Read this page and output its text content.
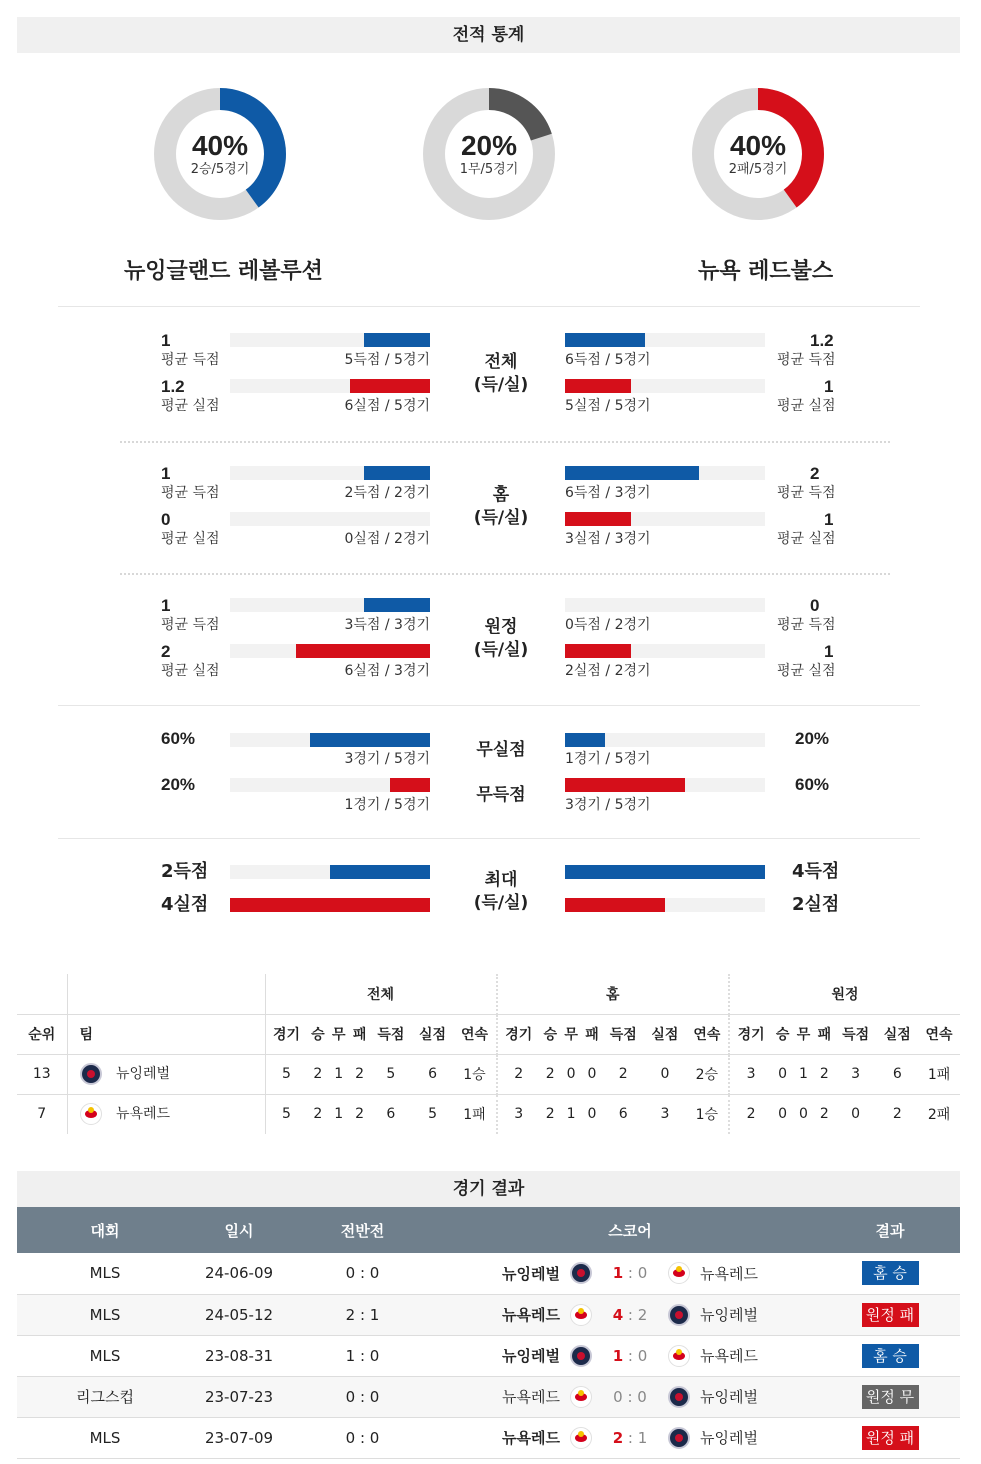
전적 통계
40%
2승/5경기
20%
1무/5경기
40%
2패/5경기
뉴잉글랜드 레볼루션	뉴욕 레드불스
1
평균 득점	5득점 / 5경기
1.2
평균 실점	6실점 / 5경기
전체
(득/실)
6득점 / 5경기
1.2
평균 득점
5실점 / 5경기
1
평균 실점
1
평균 득점	2득점 / 2경기
0
평균 실점	0실점 / 2경기
홈
(득/실)
6득점 / 3경기
2
평균 득점
3실점 / 3경기
1
평균 실점
1
평균 득점	3득점 / 3경기
2
평균 실점	6실점 / 3경기
원정
(득/실)
0득점 / 2경기
0
평균 득점
2실점 / 2경기
1
평균 실점
60%
3경기 / 5경기
20%
1경기 / 5경기
무실점
무득점
1경기 / 5경기
20%
3경기 / 5경기
60%
2득점
4실점
최대
(득/실)
4득점
2실점
		전체							홈							원정						
순위	팀	경기	승	무	패	득점	실점	연속	경기	승	무	패	득점	실점	연속	경기	승	무	패	득점	실점	연속
13	뉴잉레벌	5	2	1	2	5	6	1승	2	2	0	0	2	0	2승	3	0	1	2	3	6	1패
7	뉴욕레드	5	2	1	2	6	5	1패	3	2	1	0	6	3	1승	2	0	0	2	0	2	2패
경기 결과
대회	일시	전반전	스코어	결과
MLS	24-06-09	0 : 0	뉴잉레벌 1 : 0 뉴욕레드	홈 승
MLS	24-05-12	2 : 1	뉴욕레드 4 : 2 뉴잉레벌	원정 패
MLS	23-08-31	1 : 0	뉴잉레벌 1 : 0 뉴욕레드	홈 승
리그스컵	23-07-23	0 : 0	뉴욕레드 0 : 0 뉴잉레벌	원정 무
MLS	23-07-09	0 : 0	뉴욕레드 2 : 1 뉴잉레벌	원정 패
